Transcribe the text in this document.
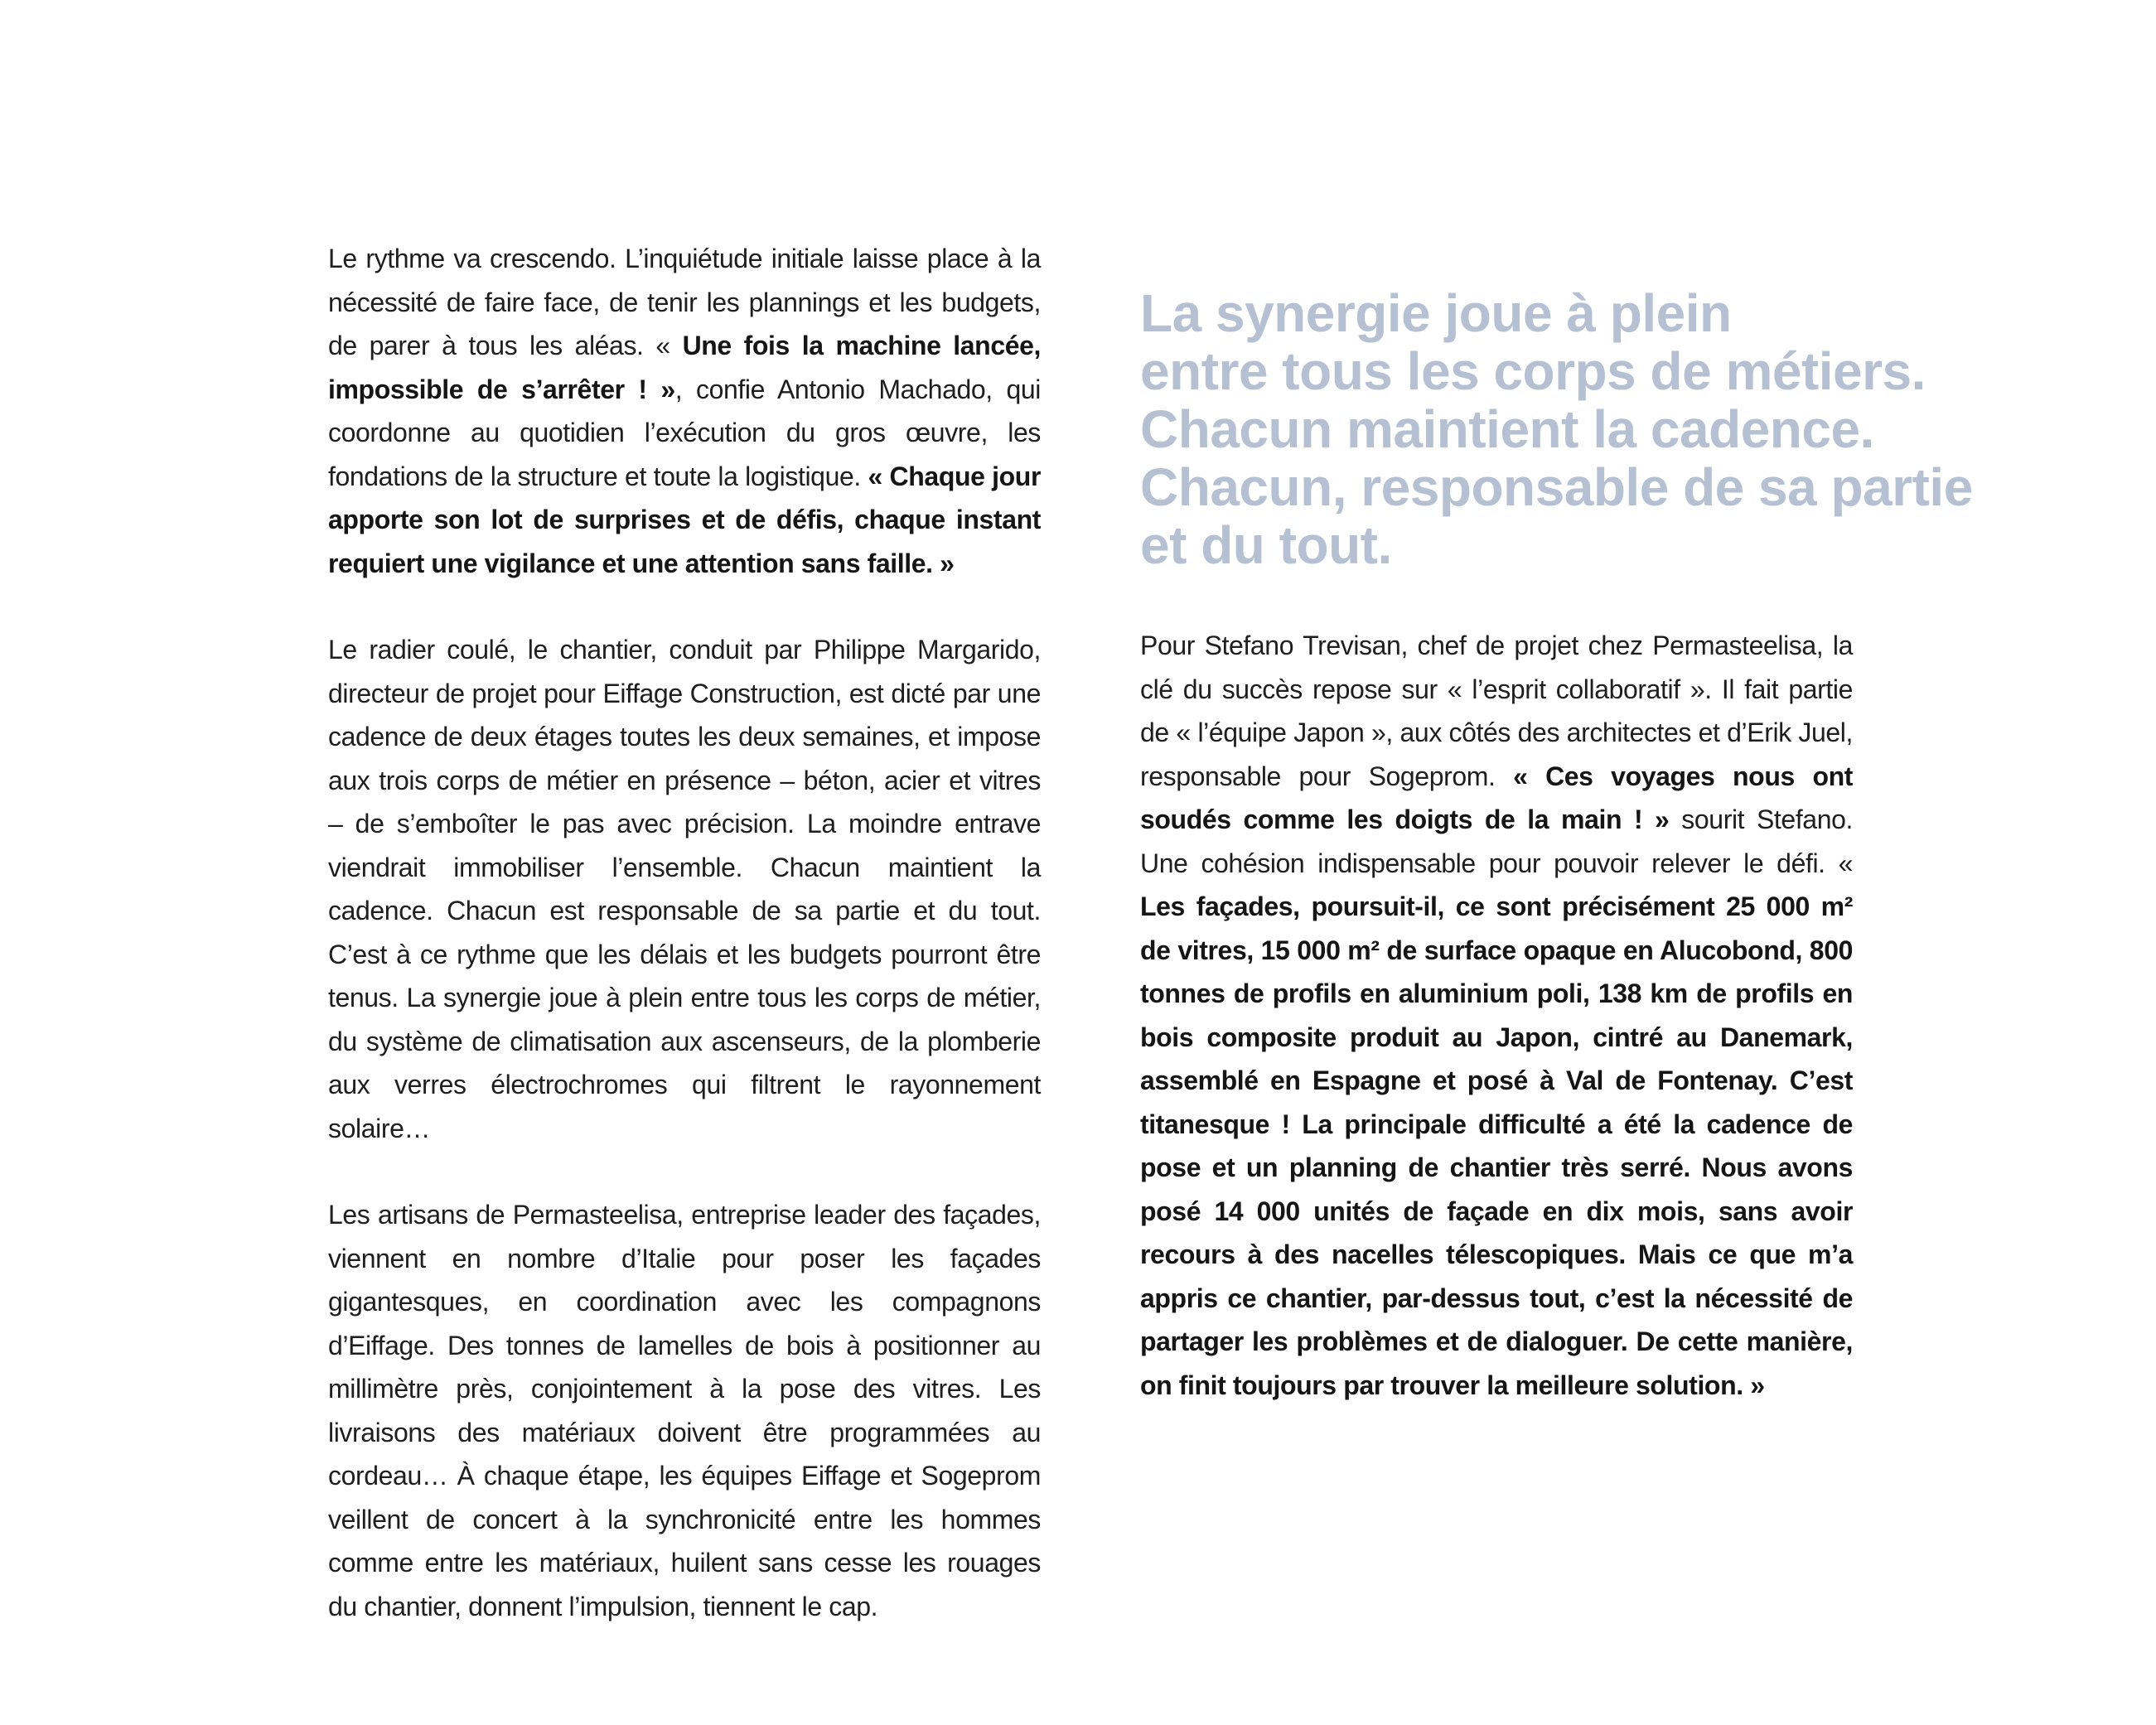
Le rythme va crescendo. L’inquiétude initiale laisse place à la nécessité de faire face, de tenir les plannings et les budgets, de parer à tous les aléas. « Une fois la machine lancée, impossible de s’arrêter ! », confie Antonio Machado, qui coordonne au quotidien l’exécution du gros œuvre, les fondations de la structure et toute la logistique. « Chaque jour apporte son lot de surprises et de défis, chaque instant requiert une vigilance et une attention sans faille. »

Le radier coulé, le chantier, conduit par Philippe Margarido, directeur de projet pour Eiffage Construction, est dicté par une cadence de deux étages toutes les deux semaines, et impose aux trois corps de métier en présence – béton, acier et vitres – de s’emboîter le pas avec précision. La moindre entrave viendrait immobiliser l’ensemble. Chacun maintient la cadence. Chacun est responsable de sa partie et du tout. C’est à ce rythme que les délais et les budgets pourront être tenus. La synergie joue à plein entre tous les corps de métier, du système de climatisation aux ascenseurs, de la plomberie aux verres électrochromes qui filtrent le rayonnement solaire…

Les artisans de Permasteelisa, entreprise leader des façades, viennent en nombre d’Italie pour poser les façades gigantesques, en coordination avec les compagnons d’Eiffage. Des tonnes de lamelles de bois à positionner au millimètre près, conjointement à la pose des vitres. Les livraisons des matériaux doivent être programmées au cordeau… À chaque étape, les équipes Eiffage et Sogeprom veillent de concert à la synchronicité entre les hommes comme entre les matériaux, huilent sans cesse les rouages du chantier, donnent l’impulsion, tiennent le cap.

La synergie joue à plein
entre tous les corps de métiers.
Chacun maintient la cadence.
Chacun, responsable de sa partie
et du tout.

Pour Stefano Trevisan, chef de projet chez Permasteelisa, la clé du succès repose sur « l’esprit collaboratif ». Il fait partie de « l’équipe Japon », aux côtés des architectes et d’Erik Juel, responsable pour Sogeprom. « Ces voyages nous ont soudés comme les doigts de la main ! » sourit Stefano. Une cohésion indispensable pour pouvoir relever le défi. « Les façades, poursuit-il, ce sont précisément 25 000 m² de vitres, 15 000 m² de surface opaque en Alucobond, 800 tonnes de profils en aluminium poli, 138 km de profils en bois composite produit au Japon, cintré au Danemark, assemblé en Espagne et posé à Val de Fontenay. C’est titanesque ! La principale difficulté a été la cadence de pose et un planning de chantier très serré. Nous avons posé 14 000 unités de façade en dix mois, sans avoir recours à des nacelles télescopiques. Mais ce que m’a appris ce chantier, par-dessus tout, c’est la nécessité de partager les problèmes et de dialoguer. De cette manière, on finit toujours par trouver la meilleure solution. »
